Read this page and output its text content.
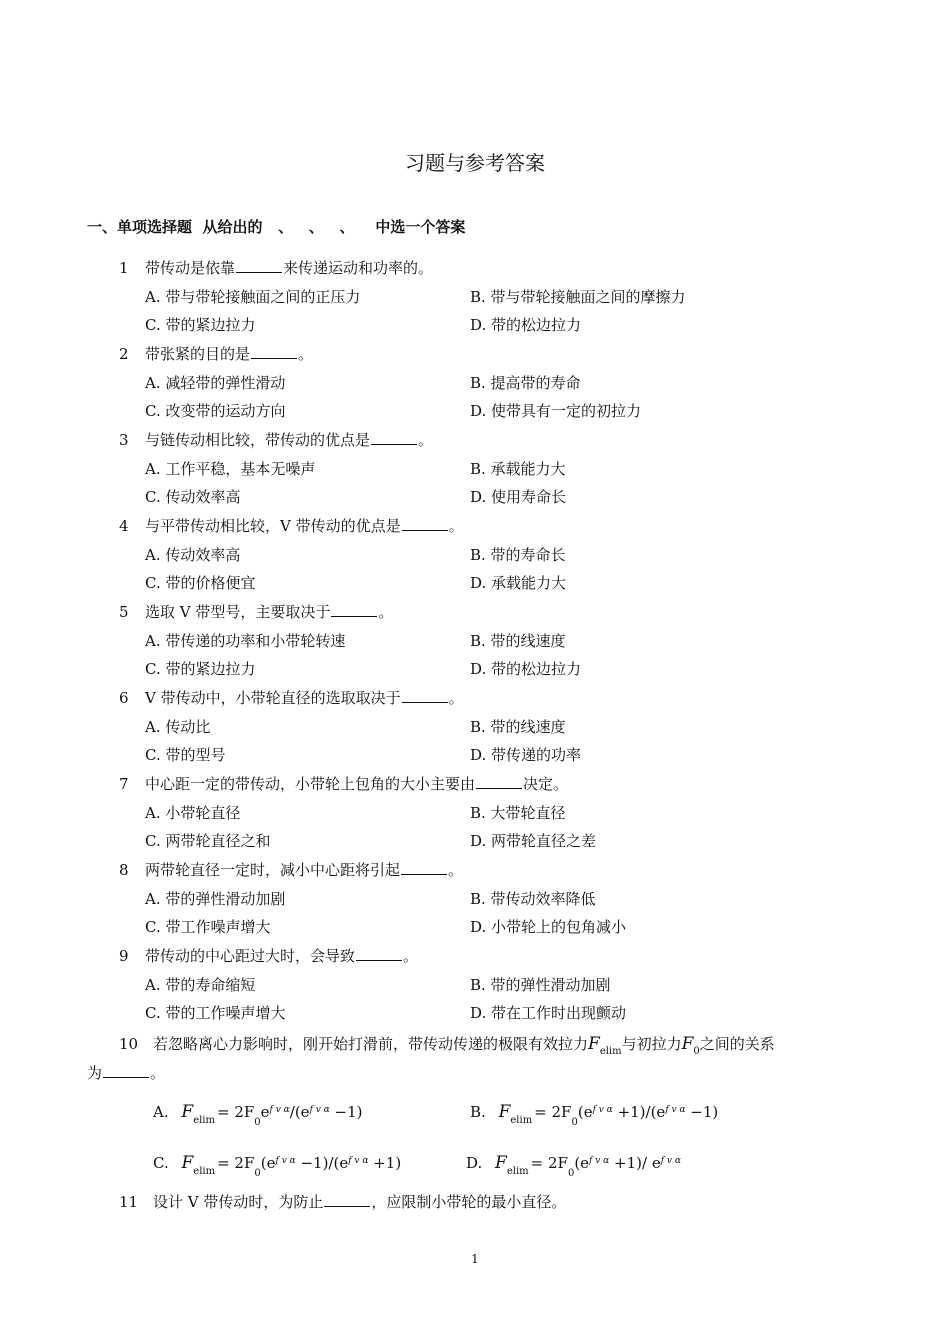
习题与参考答案
一、单项选择题  从给出的   、   、   、    中选一个答案
1 带传动是依靠	来传递运动和功率的。
A. 带与带轮接触面之间的正压力	B. 带与带轮接触面之间的摩擦力
C. 带的紧边拉力	D. 带的松边拉力
2 带张紧的目的是	。
A. 减轻带的弹性滑动	B. 提高带的寿命
C. 改变带的运动方向	D. 使带具有一定的初拉力
3 与链传动相比较，带传动的优点是	。
A. 工作平稳，基本无噪声	B. 承载能力大
C. 传动效率高	D. 使用寿命长
4 与平带传动相比较，V 带传动的优点是	。
A. 传动效率高	B. 带的寿命长
C. 带的价格便宜	D. 承载能力大
5 选取 V 带型号，主要取决于	。
A. 带传递的功率和小带轮转速	B. 带的线速度
C. 带的紧边拉力	D. 带的松边拉力
6 V 带传动中，小带轮直径的选取取决于	。
A. 传动比	B. 带的线速度
C. 带的型号	D. 带传递的功率
7 中心距一定的带传动，小带轮上包角的大小主要由	决定。
A. 小带轮直径	B. 大带轮直径
C. 两带轮直径之和	D. 两带轮直径之差
8 两带轮直径一定时，减小中心距将引起	。
A. 带的弹性滑动加剧	B. 带传动效率降低
C. 带工作噪声增大	D. 小带轮上的包角减小
9 带传动的中心距过大时，会导致	。
A. 带的寿命缩短	B. 带的弹性滑动加剧
C. 带的工作噪声增大	D. 带在工作时出现颤动
10 若忽略离心力影响时，刚开始打滑前，带传动传递的极限有效拉力$F_{elim}$与初拉力$F_0$之间的关系
为	。
A. $F_{elim} = 2F_0e^{f v \alpha}/(e^{f v \alpha} -1)$	B. $F_{elim} = 2F_0(e^{f v \alpha} +1)/(e^{f v \alpha} -1)$
C. $F_{elim} = 2F_0(e^{f v \alpha} -1)/(e^{f v \alpha} +1)$	D. $F_{elim} = 2F_0(e^{f v \alpha} +1)/$ $e^{f v \alpha}$
11 设计 V 带传动时，为防止	，应限制小带轮的最小直径。
1
